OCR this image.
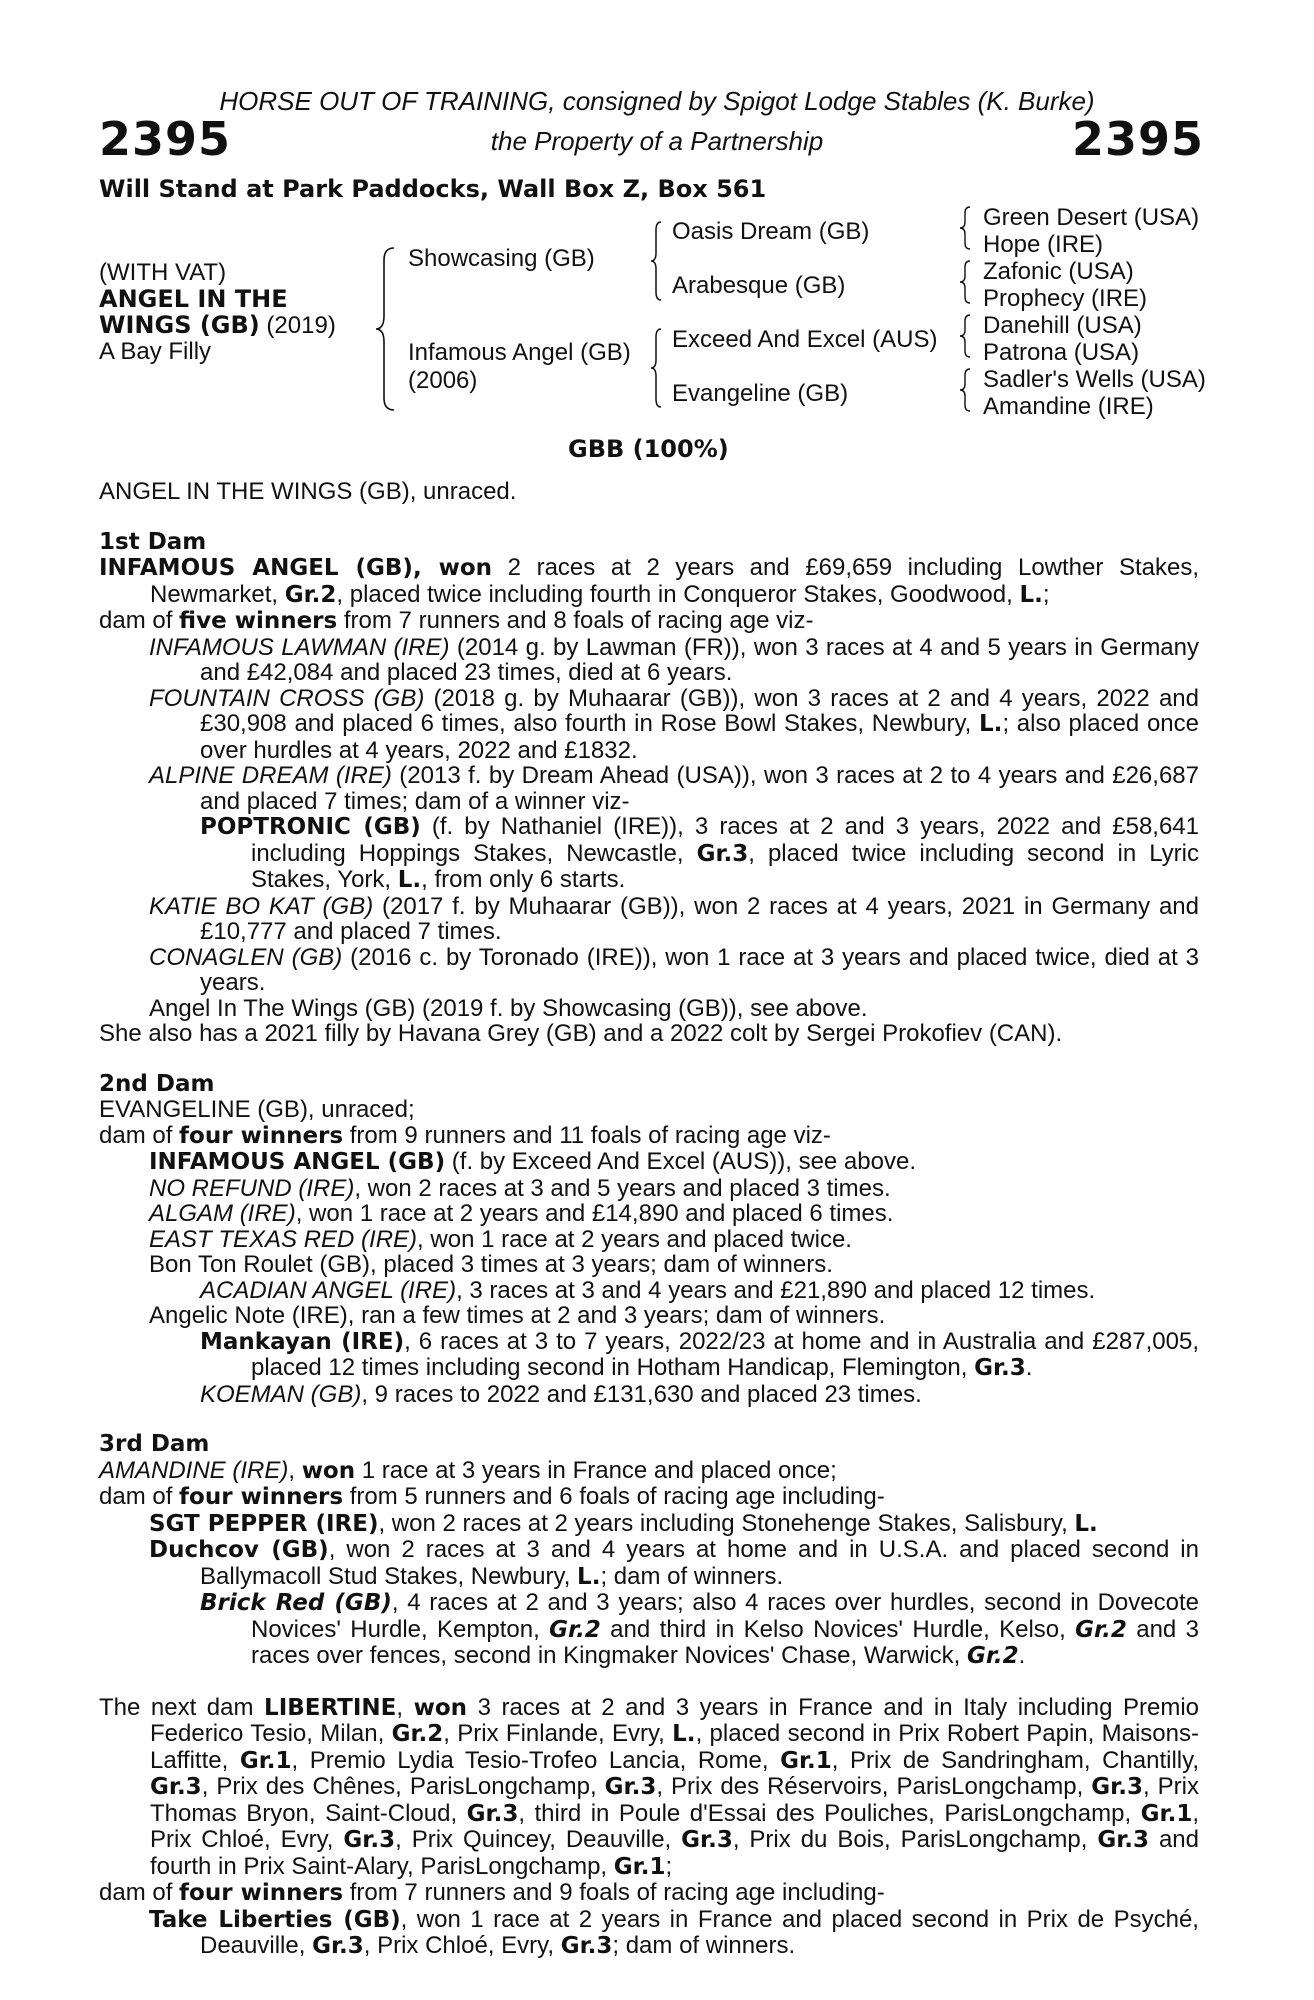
HORSE OUT OF TRAINING, consigned by Spigot Lodge Stables (K. Burke)
2395	2395
the Property of a Partnership
Will Stand at Park Paddocks, Wall Box Z, Box 561
(WITH VAT)
ANGEL IN THE
WINGS (GB) (2019)
A Bay Filly
Showcasing (GB)
Infamous Angel (GB)
(2006)
Oasis Dream (GB)
Arabesque (GB)
Exceed And Excel (AUS)
Evangeline (GB)
Green Desert (USA)
Hope (IRE)
Zafonic (USA)
Prophecy (IRE)
Danehill (USA)
Patrona (USA)
Sadler's Wells (USA)
Amandine (IRE)
GBB (100%)

ANGEL IN THE WINGS (GB), unraced.

1st Dam

INFAMOUS ANGEL (GB), won 2 races at 2 years and £69,659 including Lowther Stakes, Newmarket, Gr.2, placed twice including fourth in Conqueror Stakes, Goodwood, L.;

dam of five winners from 7 runners and 8 foals of racing age viz-

INFAMOUS LAWMAN (IRE) (2014 g. by Lawman (FR)), won 3 races at 4 and 5 years in Germany and £42,084 and placed 23 times, died at 6 years.

FOUNTAIN CROSS (GB) (2018 g. by Muhaarar (GB)), won 3 races at 2 and 4 years, 2022 and £30,908 and placed 6 times, also fourth in Rose Bowl Stakes, Newbury, L.; also placed once over hurdles at 4 years, 2022 and £1832.

ALPINE DREAM (IRE) (2013 f. by Dream Ahead (USA)), won 3 races at 2 to 4 years and £26,687 and placed 7 times; dam of a winner viz-

POPTRONIC (GB) (f. by Nathaniel (IRE)), 3 races at 2 and 3 years, 2022 and £58,641 including Hoppings Stakes, Newcastle, Gr.3, placed twice including second in Lyric Stakes, York, L., from only 6 starts.

KATIE BO KAT (GB) (2017 f. by Muhaarar (GB)), won 2 races at 4 years, 2021 in Germany and £10,777 and placed 7 times.

CONAGLEN (GB) (2016 c. by Toronado (IRE)), won 1 race at 3 years and placed twice, died at 3 years.

Angel In The Wings (GB) (2019 f. by Showcasing (GB)), see above.

She also has a 2021 filly by Havana Grey (GB) and a 2022 colt by Sergei Prokofiev (CAN).

2nd Dam

EVANGELINE (GB), unraced;

dam of four winners from 9 runners and 11 foals of racing age viz-

INFAMOUS ANGEL (GB) (f. by Exceed And Excel (AUS)), see above.

NO REFUND (IRE), won 2 races at 3 and 5 years and placed 3 times.

ALGAM (IRE), won 1 race at 2 years and £14,890 and placed 6 times.

EAST TEXAS RED (IRE), won 1 race at 2 years and placed twice.

Bon Ton Roulet (GB), placed 3 times at 3 years; dam of winners.

ACADIAN ANGEL (IRE), 3 races at 3 and 4 years and £21,890 and placed 12 times.

Angelic Note (IRE), ran a few times at 2 and 3 years; dam of winners.

Mankayan (IRE), 6 races at 3 to 7 years, 2022/23 at home and in Australia and £287,005, placed 12 times including second in Hotham Handicap, Flemington, Gr.3.

KOEMAN (GB), 9 races to 2022 and £131,630 and placed 23 times.

3rd Dam

AMANDINE (IRE), won 1 race at 3 years in France and placed once;

dam of four winners from 5 runners and 6 foals of racing age including-

SGT PEPPER (IRE), won 2 races at 2 years including Stonehenge Stakes, Salisbury, L.

Duchcov (GB), won 2 races at 3 and 4 years at home and in U.S.A. and placed second in Ballymacoll Stud Stakes, Newbury, L.; dam of winners.

Brick Red (GB), 4 races at 2 and 3 years; also 4 races over hurdles, second in Dovecote Novices' Hurdle, Kempton, Gr.2 and third in Kelso Novices' Hurdle, Kelso, Gr.2 and 3 races over fences, second in Kingmaker Novices' Chase, Warwick, Gr.2.

The next dam LIBERTINE, won 3 races at 2 and 3 years in France and in Italy including Premio Federico Tesio, Milan, Gr.2, Prix Finlande, Evry, L., placed second in Prix Robert Papin, Maisons-Laffitte, Gr.1, Premio Lydia Tesio-Trofeo Lancia, Rome, Gr.1, Prix de Sandringham, Chantilly, Gr.3, Prix des Chênes, ParisLongchamp, Gr.3, Prix des Réservoirs, ParisLongchamp, Gr.3, Prix Thomas Bryon, Saint-Cloud, Gr.3, third in Poule d'Essai des Pouliches, ParisLongchamp, Gr.1, Prix Chloé, Evry, Gr.3, Prix Quincey, Deauville, Gr.3, Prix du Bois, ParisLongchamp, Gr.3 and fourth in Prix Saint-Alary, ParisLongchamp, Gr.1;

dam of four winners from 7 runners and 9 foals of racing age including-

Take Liberties (GB), won 1 race at 2 years in France and placed second in Prix de Psyché, Deauville, Gr.3, Prix Chloé, Evry, Gr.3; dam of winners.
